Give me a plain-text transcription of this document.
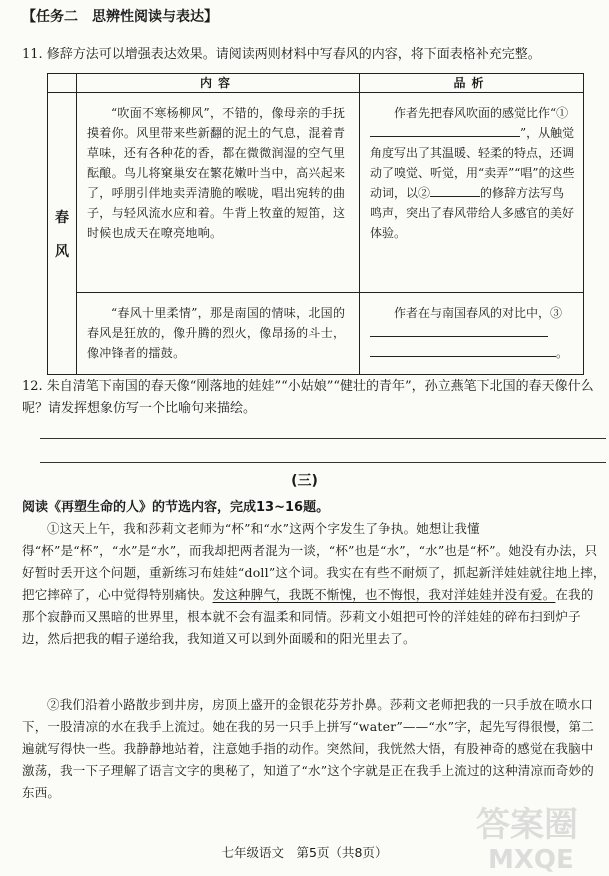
【任务二　思辨性阅读与表达】
11. 修辞方法可以增强表达效果。请阅读两则材料中写春风的内容，将下面表格补充完整。
	内容	品析

春
风	“吹面不寒杨柳风”，不错的，像母亲的手抚摸着你。风里带来些新翻的泥土的气息，混着青草味，还有各种花的香，都在微微润湿的空气里酝酿。鸟儿将窠巢安在繁花嫩叶当中，高兴起来了，呼朋引伴地卖弄清脆的喉咙，唱出宛转的曲子，与轻风流水应和着。牛背上牧童的短笛，这时候也成天在嘹亮地响。	作者先把春风吹面的感觉比作“①”，从触觉角度写出了其温暖、轻柔的特点，还调动了嗅觉、听觉，用“卖弄”“唱”的这些动词，以② 的修辞方法写鸟鸣声，突出了春风带给人多感官的美好体验。

	“春风十里柔情”，那是南国的情味，北国的春风是狂放的，像升腾的烈火，像昂扬的斗士，像冲锋者的擂鼓。	作者在与南国春风的对比中，③

。
12. 朱自清笔下南国的春天像“刚落地的娃娃”“小姑娘”“健壮的青年”，孙立燕笔下北国的春天像什么呢？请发挥想象仿写一个比喻句来描绘。
(三)
阅读《再塑生命的人》的节选内容，完成13~16题。
①这天上午，我和莎莉文老师为“杯”和“水”这两个字发生了争执。她想让我懂得“杯”是“杯”，“水”是“水”，而我却把两者混为一谈，“杯”也是“水”，“水”也是“杯”。她没有办法，只好暂时丢开这个问题，重新练习布娃娃“doll”这个词。我实在有些不耐烦了，抓起新洋娃娃就往地上摔，把它摔碎了，心中觉得特别痛快。发这种脾气，我既不惭愧，也不悔恨，我对洋娃娃并没有爱。在我的那个寂静而又黑暗的世界里，根本就不会有温柔和同情。莎莉文小姐把可怜的洋娃娃的碎布扫到炉子边，然后把我的帽子递给我，我知道又可以到外面暖和的阳光里去了。
②我们沿着小路散步到井房，房顶上盛开的金银花芬芳扑鼻。莎莉文老师把我的一只手放在喷水口下，一股清凉的水在我手上流过。她在我的另一只手上拼写“water”——“水”字，起先写得很慢，第二遍就写得快一些。我静静地站着，注意她手指的动作。突然间，我恍然大悟，有股神奇的感觉在我脑中激荡，我一下子理解了语言文字的奥秘了，知道了“水”这个字就是正在我手上流过的这种清凉而奇妙的东西。
七年级语文　第5页（共8页）
答案圈
MXQE
